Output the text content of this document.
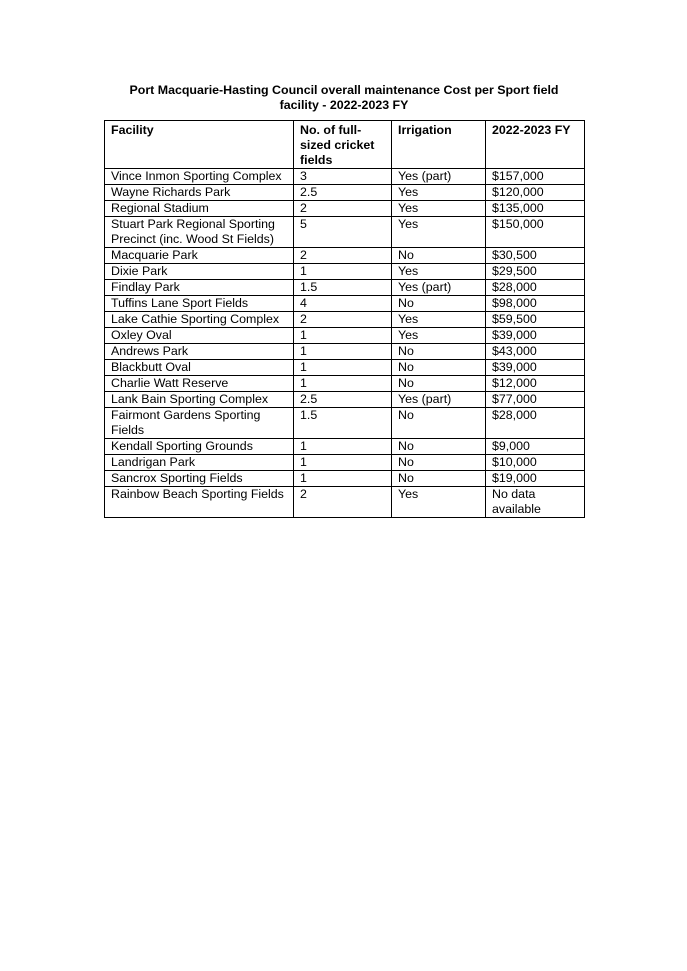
Port Macquarie-Hasting Council overall maintenance Cost per Sport field
facility - 2022-2023 FY
Facility	No. of full-sized cricket fields	Irrigation	2022-2023 FY
Vince Inmon Sporting Complex	3	Yes (part)	$157,000
Wayne Richards Park	2.5	Yes	$120,000
Regional Stadium	2	Yes	$135,000
Stuart Park Regional Sporting Precinct (inc. Wood St Fields)	5	Yes	$150,000
Macquarie Park	2	No	$30,500
Dixie Park	1	Yes	$29,500
Findlay Park	1.5	Yes (part)	$28,000
Tuffins Lane Sport Fields	4	No	$98,000
Lake Cathie Sporting Complex	2	Yes	$59,500
Oxley Oval	1	Yes	$39,000
Andrews Park	1	No	$43,000
Blackbutt Oval	1	No	$39,000
Charlie Watt Reserve	1	No	$12,000
Lank Bain Sporting Complex	2.5	Yes (part)	$77,000
Fairmont Gardens Sporting Fields	1.5	No	$28,000
Kendall Sporting Grounds	1	No	$9,000
Landrigan Park	1	No	$10,000
Sancrox Sporting Fields	1	No	$19,000
Rainbow Beach Sporting Fields	2	Yes	No data available
